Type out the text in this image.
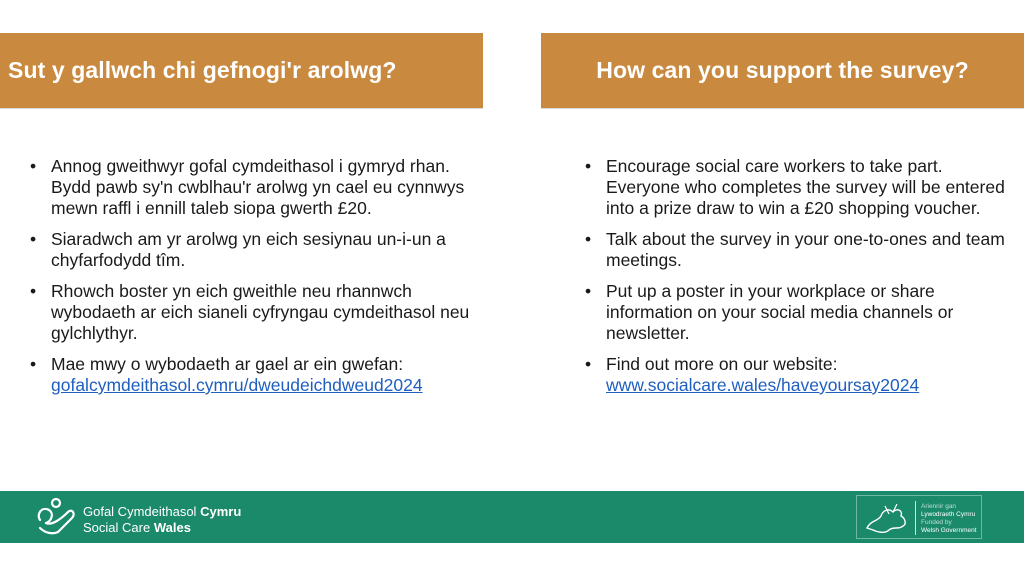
Sut y gallwch chi gefnogi'r arolwg?	How can you support the survey?
• Annog gweithwyr gofal cymdeithasol i gymryd rhan. Bydd pawb sy'n cwblhau'r arolwg yn cael eu cynnwys mewn raffl i ennill taleb siopa gwerth £20.
• Siaradwch am yr arolwg yn eich sesiynau un-i-un a chyfarfodydd tîm.
• Rhowch boster yn eich gweithle neu rhannwch wybodaeth ar eich sianeli cyfryngau cymdeithasol neu gylchlythyr.
• Mae mwy o wybodaeth ar gael ar ein gwefan:
gofalcymdeithasol.cymru/dweudeichdweud2024
• Encourage social care workers to take part. Everyone who completes the survey will be entered into a prize draw to win a £20 shopping voucher.
• Talk about the survey in your one-to-ones and team meetings.
• Put up a poster in your workplace or share information on your social media channels or newsletter.
• Find out more on our website:
www.socialcare.wales/haveyoursay2024
Gofal Cymdeithasol Cymru
Social Care Wales
Ariennir gan
Lywodraeth Cymru
Funded by
Welsh Government
